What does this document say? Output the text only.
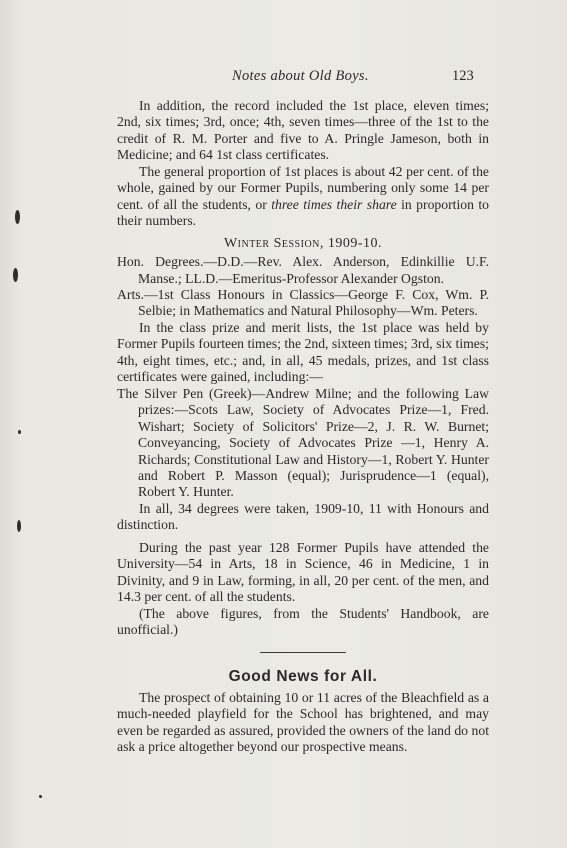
Notes about Old Boys.	123

In addition, the record included the 1st place, eleven times; 2nd, six times; 3rd, once; 4th, seven times—three of the 1st to the credit of R. M. Porter and five to A. Pringle Jameson, both in Medicine; and 64 1st class certificates.

The general proportion of 1st places is about 42 per cent. of the whole, gained by our Former Pupils, numbering only some 14 per cent. of all the students, or three times their share in proportion to their numbers.

Winter Session, 1909-10.

Hon. Degrees.—D.D.—Rev. Alex. Anderson, Edinkillie U.F. Manse.; LL.D.—Emeritus-Professor Alexander Ogston.

Arts.—1st Class Honours in Classics—George F. Cox, Wm. P. Selbie; in Mathematics and Natural Philosophy—Wm. Peters.

In the class prize and merit lists, the 1st place was held by Former Pupils fourteen times; the 2nd, sixteen times; 3rd, six times; 4th, eight times, etc.; and, in all, 45 medals, prizes, and 1st class certificates were gained, including:—

The Silver Pen (Greek)—Andrew Milne; and the following Law prizes:—Scots Law, Society of Advocates Prize—1, Fred. Wishart; Society of Solicitors' Prize—2, J. R. W. Burnet; Conveyancing, Society of Advocates Prize —1, Henry A. Richards; Constitutional Law and History—1, Robert Y. Hunter and Robert P. Masson (equal); Jurisprudence—1 (equal), Robert Y. Hunter.

In all, 34 degrees were taken, 1909-10, 11 with Honours and distinction.

During the past year 128 Former Pupils have attended the University—54 in Arts, 18 in Science, 46 in Medicine, 1 in Divinity, and 9 in Law, forming, in all, 20 per cent. of the men, and 14.3 per cent. of all the students.

(The above figures, from the Students' Handbook, are unofficial.)

Good News for All.

The prospect of obtaining 10 or 11 acres of the Bleachfield as a much-needed playfield for the School has brightened, and may even be regarded as assured, provided the owners of the land do not ask a price altogether beyond our prospective means.
